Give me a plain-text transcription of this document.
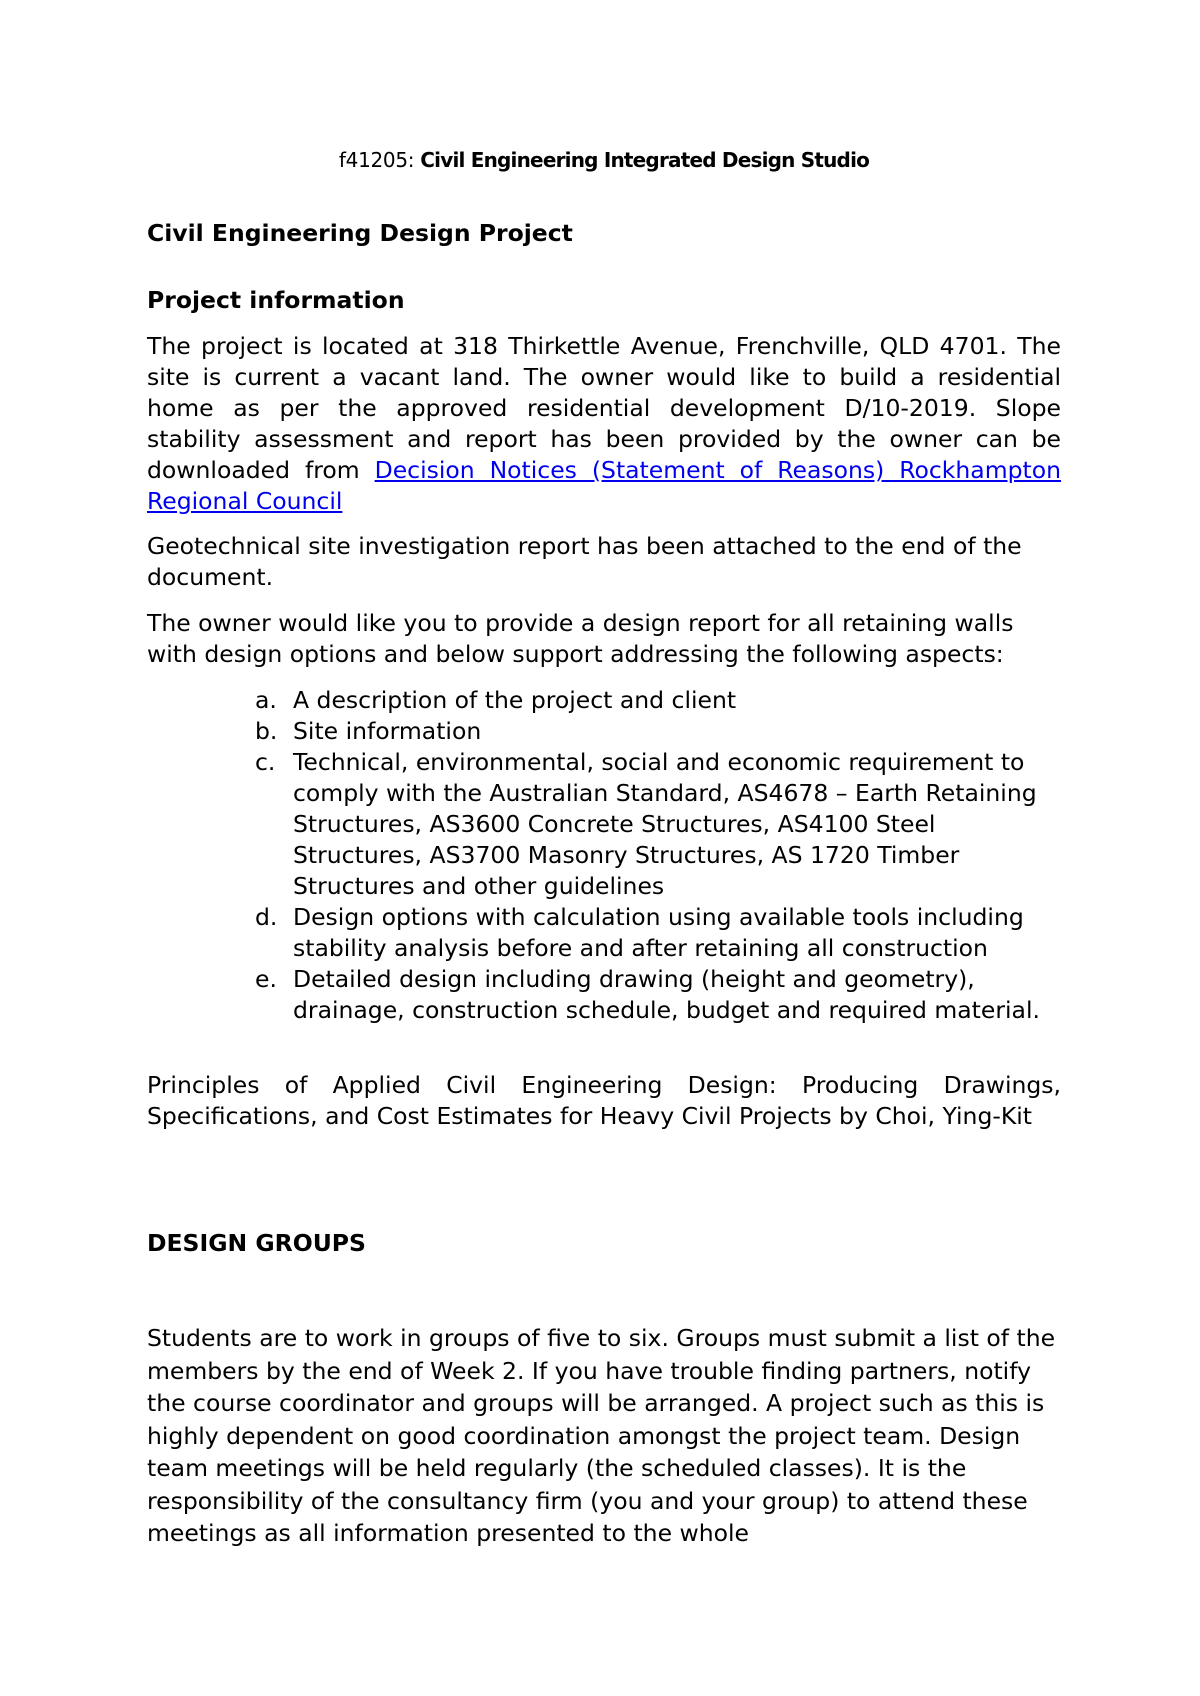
f41205: Civil Engineering Integrated Design Studio
Civil Engineering Design Project
Project information

The project is located at 318 Thirkettle Avenue, Frenchville, QLD 4701. The site is current a vacant land. The owner would like to build a residential home as per the approved residential development D/10-2019. Slope stability assessment and report has been provided by the owner can be downloaded from Decision Notices (Statement of Reasons) Rockhampton Regional Council

Geotechnical site investigation report has been attached to the end of the document.

The owner would like you to provide a design report for all retaining walls with design options and below support addressing the following aspects:

a. A description of the project and client
b. Site information
c. Technical, environmental, social and economic requirement to comply with the Australian Standard, AS4678 – Earth Retaining Structures, AS3600 Concrete Structures, AS4100 Steel Structures, AS3700 Masonry Structures, AS 1720 Timber Structures and other guidelines
d. Design options with calculation using available tools including stability analysis before and after retaining all construction
e. Detailed design including drawing (height and geometry), drainage, construction schedule, budget and required material.

Principles of Applied Civil Engineering Design: Producing Drawings, Specifications, and Cost Estimates for Heavy Civil Projects by Choi, Ying-Kit

DESIGN GROUPS

Students are to work in groups of five to six. Groups must submit a list of the members by the end of Week 2. If you have trouble finding partners, notify the course coordinator and groups will be arranged. A project such as this is highly dependent on good coordination amongst the project team. Design team meetings will be held regularly (the scheduled classes). It is the responsibility of the consultancy firm (you and your group) to attend these meetings as all information presented to the whole
